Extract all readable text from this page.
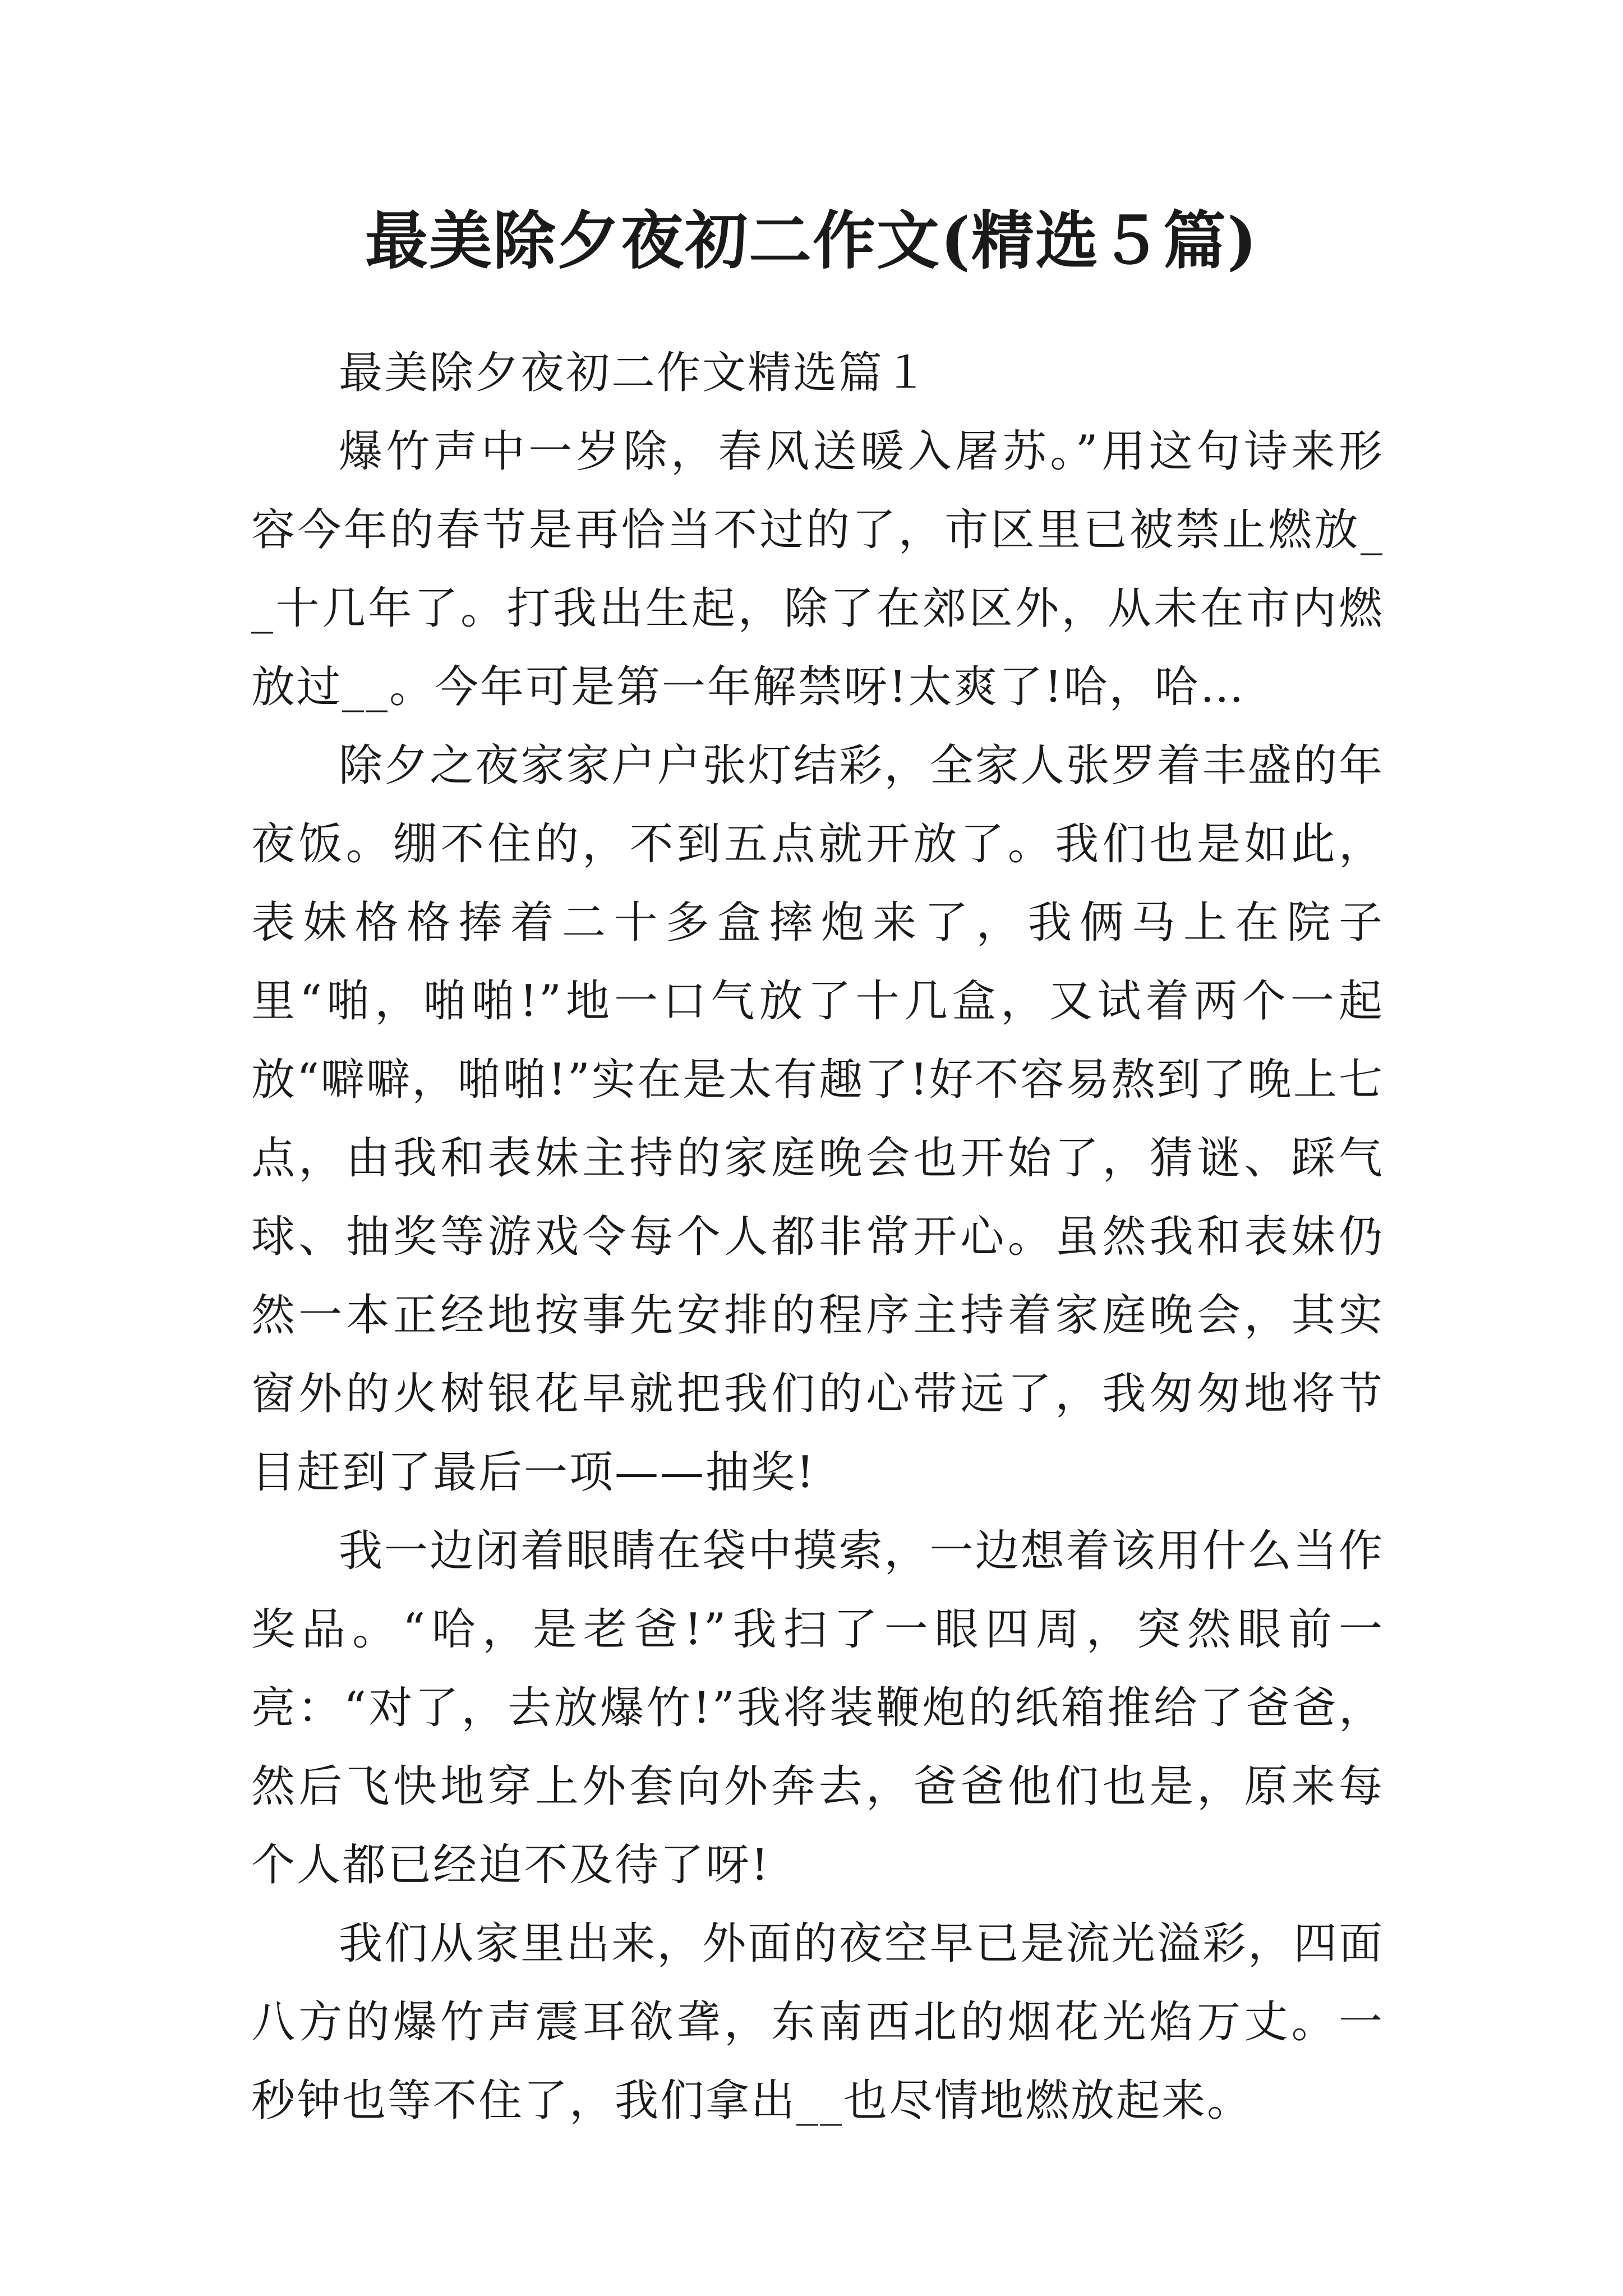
最美除夕夜初二作文(精选５篇)

最美除夕夜初二作文精选篇１

爆竹声中一岁除，春风送暖入屠苏。”用这句诗来形容今年的春节是再恰当不过的了，市区里已被禁止燃放__十几年了。打我出生起，除了在郊区外，从未在市内燃放过__。今年可是第一年解禁呀!太爽了!哈，哈…

除夕之夜家家户户张灯结彩，全家人张罗着丰盛的年夜饭。绷不住的，不到五点就开放了。我们也是如此，表妹格格捧着二十多盒摔炮来了，我俩马上在院子里“啪，啪啪!”地一口气放了十几盒，又试着两个一起放“噼噼，啪啪!”实在是太有趣了!好不容易熬到了晚上七点，由我和表妹主持的家庭晚会也开始了，猜谜、踩气球、抽奖等游戏令每个人都非常开心。虽然我和表妹仍然一本正经地按事先安排的程序主持着家庭晚会，其实窗外的火树银花早就把我们的心带远了，我匆匆地将节目赶到了最后一项——抽奖!

我一边闭着眼睛在袋中摸索，一边想着该用什么当作奖品。“哈，是老爸!”我扫了一眼四周，突然眼前一亮：“对了，去放爆竹!”我将装鞭炮的纸箱推给了爸爸，然后飞快地穿上外套向外奔去，爸爸他们也是，原来每个人都已经迫不及待了呀!

我们从家里出来，外面的夜空早已是流光溢彩，四面八方的爆竹声震耳欲聋，东南西北的烟花光焰万丈。一秒钟也等不住了，我们拿出__也尽情地燃放起来。
